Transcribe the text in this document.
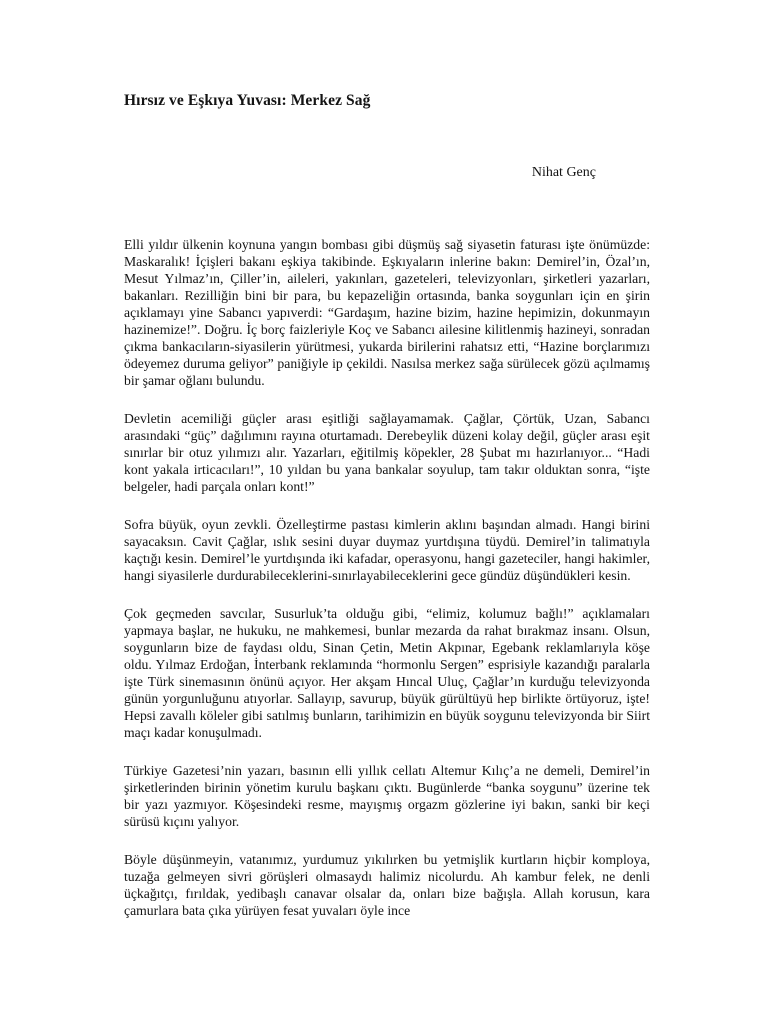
Hırsız ve Eşkıya Yuvası: Merkez Sağ

Nihat Genç

Elli yıldır ülkenin koynuna yangın bombası gibi düşmüş sağ siyasetin faturası işte önümüzde: Maskaralık! İçişleri bakanı eşkiya takibinde. Eşkıyaların inlerine bakın: Demirel’in, Özal’ın, Mesut Yılmaz’ın, Çiller’in, aileleri, yakınları, gazeteleri, televizyonları, şirketleri yazarları, bakanları. Rezilliğin bini bir para, bu kepazeliğin ortasında, banka soygunları için en şirin açıklamayı yine Sabancı yapıverdi: “Gardaşım, hazine bizim, hazine hepimizin, dokunmayın hazinemize!”. Doğru. İç borç faizleriyle Koç ve Sabancı ailesine kilitlenmiş hazineyi, sonradan çıkma bankacıların-siyasilerin yürütmesi, yukarda birilerini rahatsız etti, “Hazine borçlarımızı ödeyemez duruma geliyor” paniğiyle ip çekildi. Nasılsa merkez sağa sürülecek gözü açılmamış bir şamar oğlanı bulundu.

Devletin acemiliği güçler arası eşitliği sağlayamamak. Çağlar, Çörtük, Uzan, Sabancı arasındaki “güç” dağılımını rayına oturtamadı. Derebeylik düzeni kolay değil, güçler arası eşit sınırlar bir otuz yılımızı alır. Yazarları, eğitilmiş köpekler, 28 Şubat mı hazırlanıyor... “Hadi kont yakala irticacıları!”, 10 yıldan bu yana bankalar soyulup, tam takır olduktan sonra, “işte belgeler, hadi parçala onları kont!”

Sofra büyük, oyun zevkli. Özelleştirme pastası kimlerin aklını başından almadı. Hangi birini sayacaksın. Cavit Çağlar, ıslık sesini duyar duymaz yurtdışına tüydü. Demirel’in talimatıyla kaçtığı kesin. Demirel’le yurtdışında iki kafadar, operasyonu, hangi gazeteciler, hangi hakimler, hangi siyasilerle durdurabileceklerini-sınırlayabileceklerini gece gündüz düşündükleri kesin.

Çok geçmeden savcılar, Susurluk’ta olduğu gibi, “elimiz, kolumuz bağlı!” açıklamaları yapmaya başlar, ne hukuku, ne mahkemesi, bunlar mezarda da rahat bırakmaz insanı. Olsun, soygunların bize de faydası oldu, Sinan Çetin, Metin Akpınar, Egebank reklamlarıyla köşe oldu. Yılmaz Erdoğan, İnterbank reklamında “hormonlu Sergen” esprisiyle kazandığı paralarla işte Türk sinemasının önünü açıyor. Her akşam Hıncal Uluç, Çağlar’ın kurduğu televizyonda günün yorgunluğunu atıyorlar. Sallayıp, savurup, büyük gürültüyü hep birlikte örtüyoruz, işte! Hepsi zavallı köleler gibi satılmış bunların, tarihimizin en büyük soygunu televizyonda bir Siirt maçı kadar konuşulmadı.

Türkiye Gazetesi’nin yazarı, basının elli yıllık cellatı Altemur Kılıç’a ne demeli, Demirel’in şirketlerinden birinin yönetim kurulu başkanı çıktı. Bugünlerde “banka soygunu” üzerine tek bir yazı yazmıyor. Köşesindeki resme, mayışmış orgazm gözlerine iyi bakın, sanki bir keçi sürüsü kıçını yalıyor.

Böyle düşünmeyin, vatanımız, yurdumuz yıkılırken bu yetmişlik kurtların hiçbir komploya, tuzağa gelmeyen sivri görüşleri olmasaydı halimiz nicolurdu. Ah kambur felek, ne denli üçkağıtçı, fırıldak, yedibaşlı canavar olsalar da, onları bize bağışla. Allah korusun, kara çamurlara bata çıka yürüyen fesat yuvaları öyle ince
